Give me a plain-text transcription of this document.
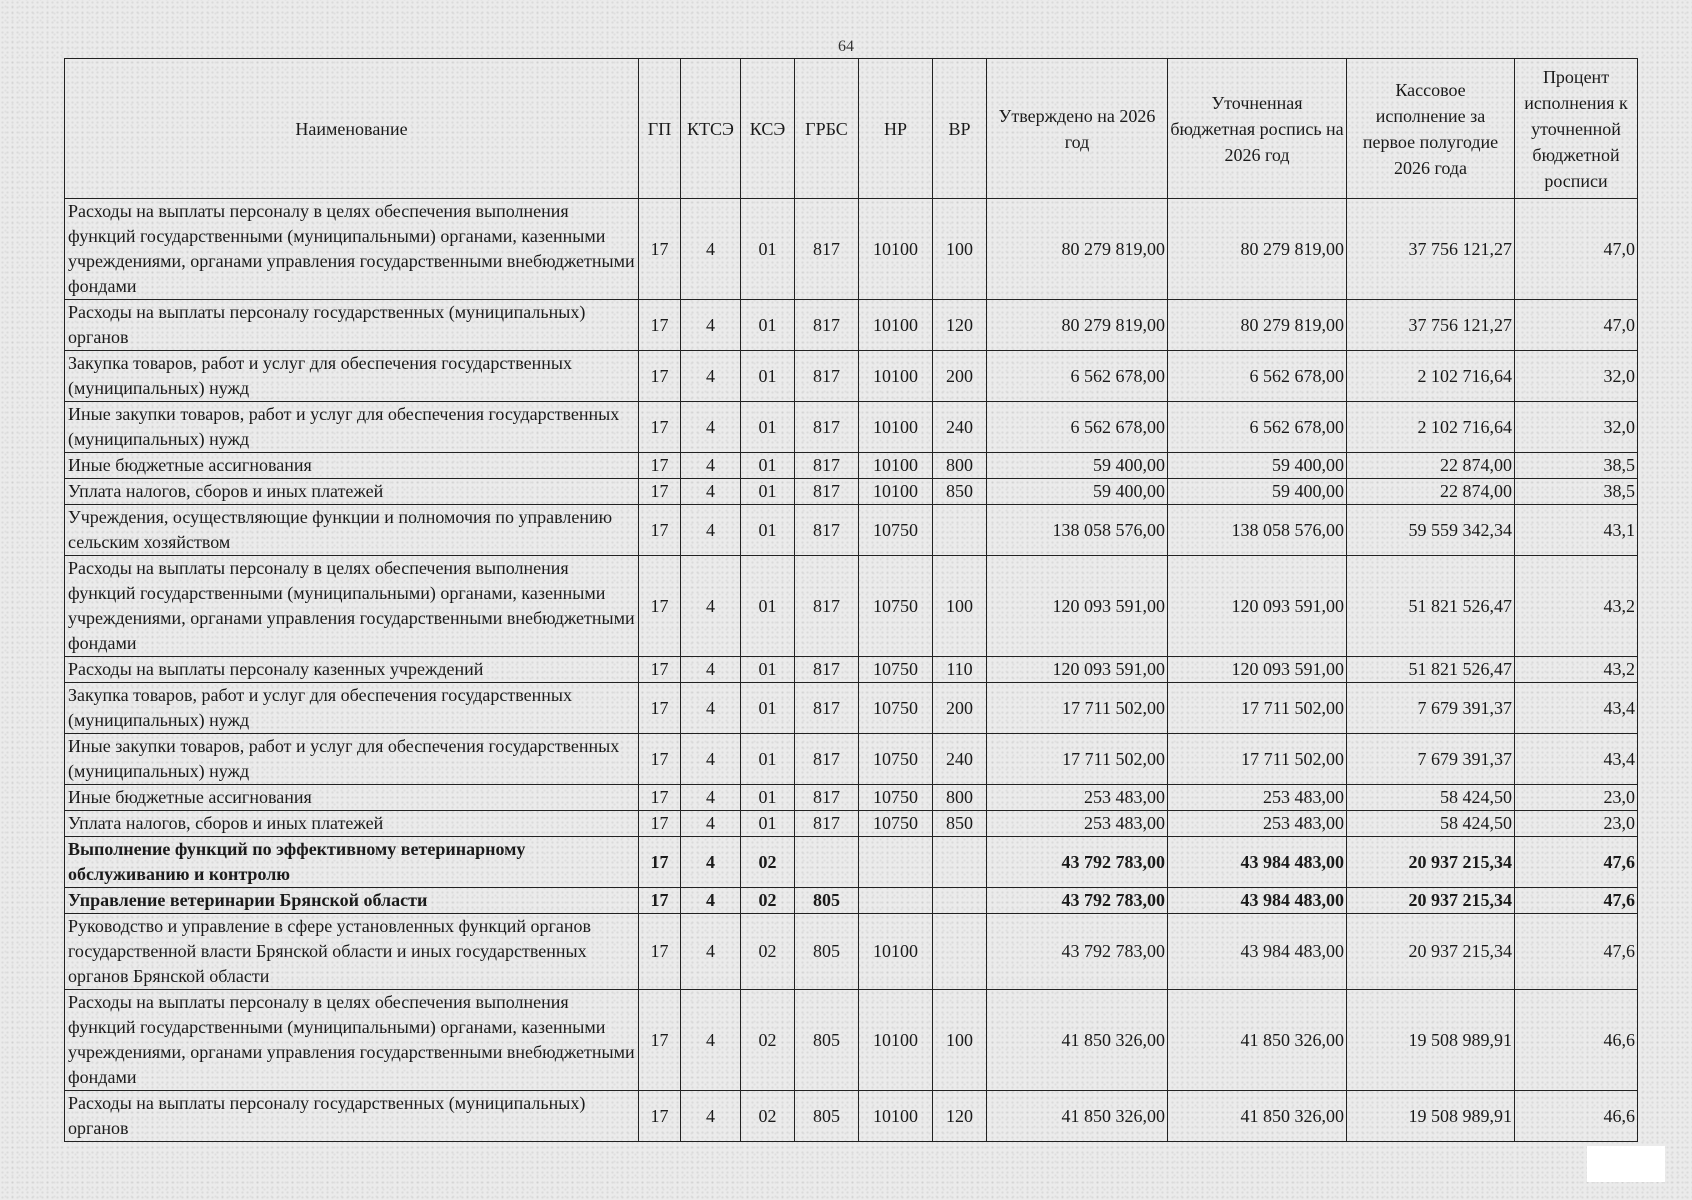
64
Наименование	ГП	КТСЭ	КСЭ	ГРБС	НР	ВР	Утверждено на 2026 год	Уточненная бюджетная роспись на 2026 год	Кассовое исполнение за первое полугодие 2026 года	Процент исполнения к уточненной бюджетной росписи
Расходы на выплаты персоналу в целях обеспечения выполнения функций государственными (муниципальными) органами, казенными учреждениями, органами управления государственными внебюджетными фондами	17	4	01	817	10100	100	80 279 819,00	80 279 819,00	37 756 121,27	47,0
Расходы на выплаты персоналу государственных (муниципальных) органов	17	4	01	817	10100	120	80 279 819,00	80 279 819,00	37 756 121,27	47,0
Закупка товаров, работ и услуг для обеспечения государственных (муниципальных) нужд	17	4	01	817	10100	200	6 562 678,00	6 562 678,00	2 102 716,64	32,0
Иные закупки товаров, работ и услуг для обеспечения государственных (муниципальных) нужд	17	4	01	817	10100	240	6 562 678,00	6 562 678,00	2 102 716,64	32,0
Иные бюджетные ассигнования	17	4	01	817	10100	800	59 400,00	59 400,00	22 874,00	38,5
Уплата налогов, сборов и иных платежей	17	4	01	817	10100	850	59 400,00	59 400,00	22 874,00	38,5
Учреждения, осуществляющие функции и полномочия по управлению сельским хозяйством	17	4	01	817	10750		138 058 576,00	138 058 576,00	59 559 342,34	43,1
Расходы на выплаты персоналу в целях обеспечения выполнения функций государственными (муниципальными) органами, казенными учреждениями, органами управления государственными внебюджетными фондами	17	4	01	817	10750	100	120 093 591,00	120 093 591,00	51 821 526,47	43,2
Расходы на выплаты персоналу казенных учреждений	17	4	01	817	10750	110	120 093 591,00	120 093 591,00	51 821 526,47	43,2
Закупка товаров, работ и услуг для обеспечения государственных (муниципальных) нужд	17	4	01	817	10750	200	17 711 502,00	17 711 502,00	7 679 391,37	43,4
Иные закупки товаров, работ и услуг для обеспечения государственных (муниципальных) нужд	17	4	01	817	10750	240	17 711 502,00	17 711 502,00	7 679 391,37	43,4
Иные бюджетные ассигнования	17	4	01	817	10750	800	253 483,00	253 483,00	58 424,50	23,0
Уплата налогов, сборов и иных платежей	17	4	01	817	10750	850	253 483,00	253 483,00	58 424,50	23,0
Выполнение функций по эффективному ветеринарному обслуживанию и контролю	17	4	02				43 792 783,00	43 984 483,00	20 937 215,34	47,6
Управление ветеринарии Брянской области	17	4	02	805			43 792 783,00	43 984 483,00	20 937 215,34	47,6
Руководство и управление в сфере установленных функций органов государственной власти Брянской области и иных государственных органов Брянской области	17	4	02	805	10100		43 792 783,00	43 984 483,00	20 937 215,34	47,6
Расходы на выплаты персоналу в целях обеспечения выполнения функций государственными (муниципальными) органами, казенными учреждениями, органами управления государственными внебюджетными фондами	17	4	02	805	10100	100	41 850 326,00	41 850 326,00	19 508 989,91	46,6
Расходы на выплаты персоналу государственных (муниципальных) органов	17	4	02	805	10100	120	41 850 326,00	41 850 326,00	19 508 989,91	46,6
